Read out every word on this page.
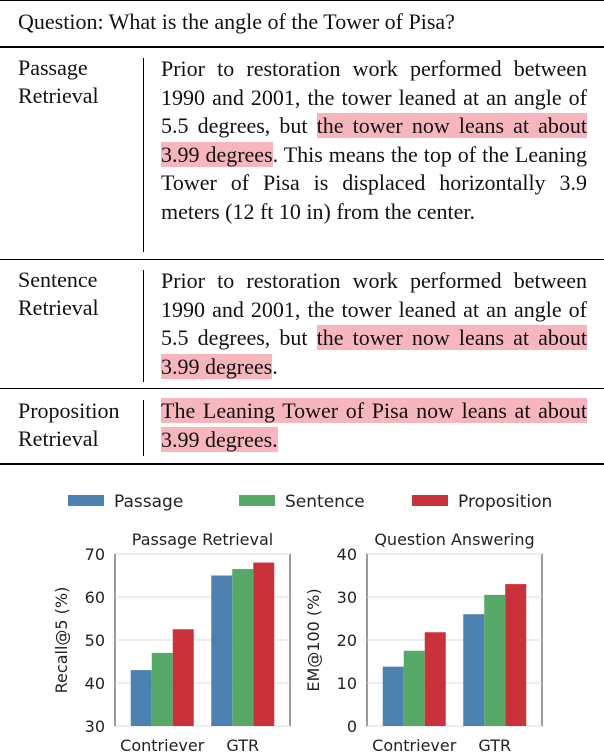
Question: What is the angle of the Tower of Pisa?
Passage
Retrieval
Prior to restoration work performed between 1990 and 2001, the tower leaned at an angle of 5.5 degrees, but the tower now leans at about 3.99 degrees. This means the top of the Leaning Tower of Pisa is displaced horizontally 3.9 meters (12 ft 10 in) from the center.
Sentence
Retrieval
Prior to restoration work performed between 1990 and 2001, the tower leaned at an angle of 5.5 degrees, but the tower now leans at about 3.99 degrees.
Proposition
Retrieval
The Leaning Tower of Pisa now leans at about 3.99 degrees.
Passage	Sentence	Proposition
Passage Retrieval
30
40
50
60
70
Recall@5 (%)
Contriever GTR
Question Answering
0
10
20
30
40
EM@100 (%)
Contriever GTR
